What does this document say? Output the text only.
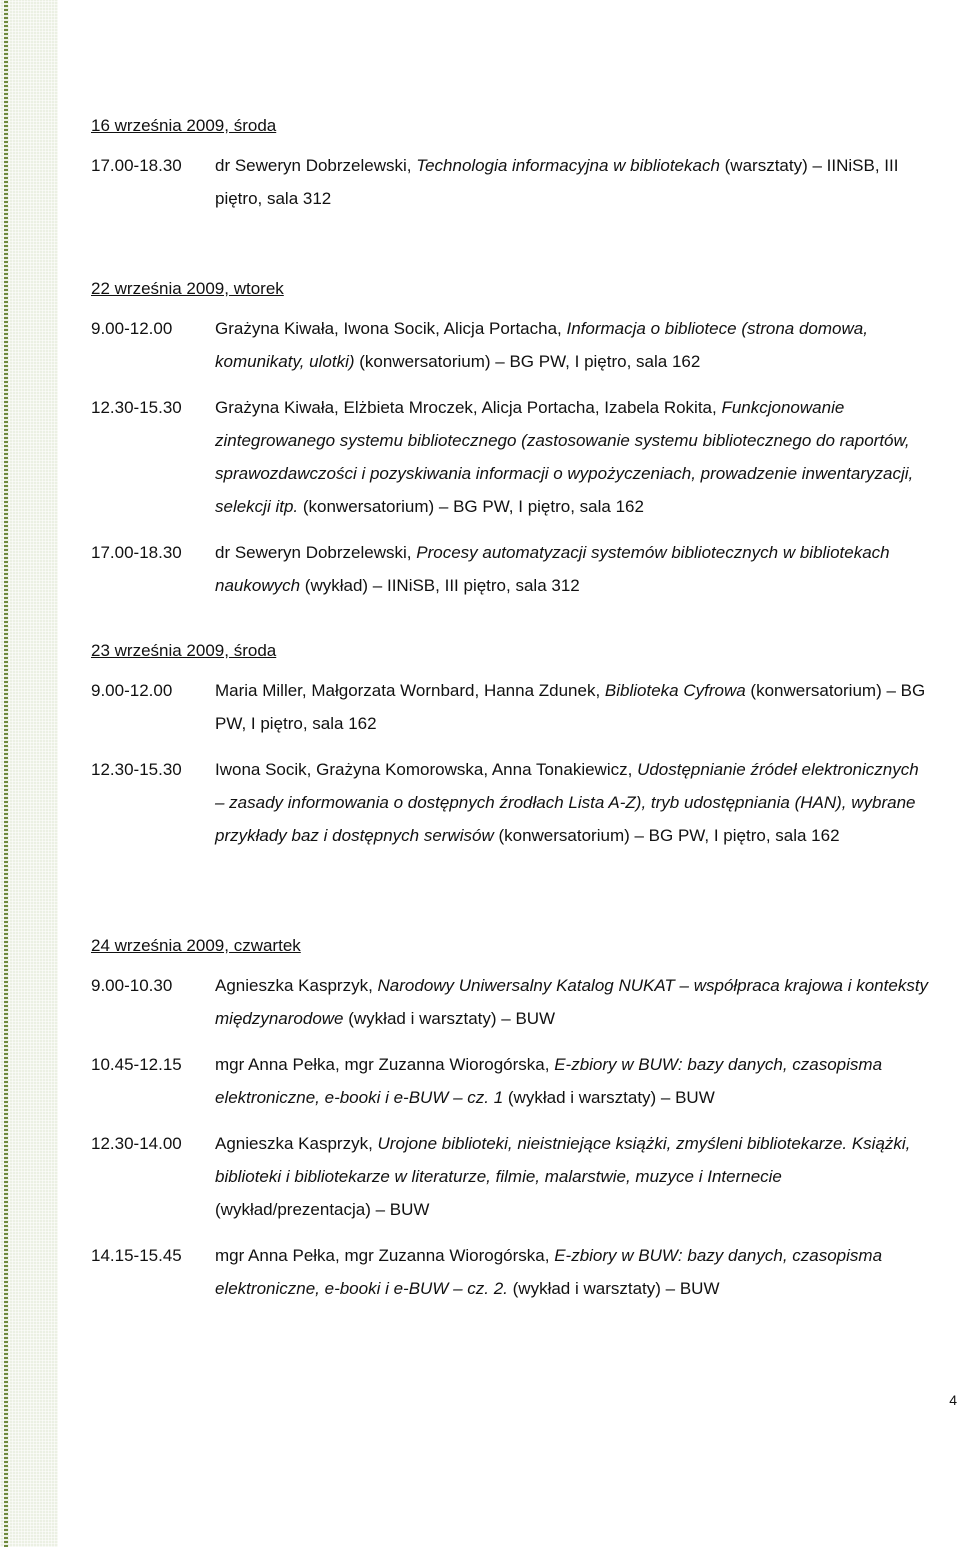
16 września 2009, środa
17.00-18.30 dr Seweryn Dobrzelewski, Technologia informacyjna w bibliotekach (warsztaty) – IINiSB, III piętro, sala 312

22 września 2009, wtorek
9.00-12.00	Grażyna Kiwała, Iwona Socik, Alicja Portacha, Informacja o bibliotece (strona domowa, komunikaty, ulotki) (konwersatorium) – BG PW, I piętro, sala 162

12.30-15.30 Grażyna Kiwała, Elżbieta Mroczek, Alicja Portacha, Izabela Rokita, Funkcjonowanie zintegrowanego systemu bibliotecznego (zastosowanie systemu bibliotecznego do raportów, sprawozdawczości i pozyskiwania informacji o wypożyczeniach, prowadzenie inwentaryzacji, selekcji itp. (konwersatorium) – BG PW, I piętro, sala 162

17.00-18.30 dr Seweryn Dobrzelewski, Procesy automatyzacji systemów bibliotecznych w bibliotekach naukowych (wykład) – IINiSB, III piętro, sala 312

23 września 2009, środa
9.00-12.00	Maria Miller, Małgorzata Wornbard, Hanna Zdunek, Biblioteka Cyfrowa (konwersatorium) – BG PW, I piętro, sala 162

12.30-15.30 Iwona Socik, Grażyna Komorowska, Anna Tonakiewicz, Udostępnianie źródeł elektronicznych – zasady informowania o dostępnych źrodłach Lista A-Z), tryb udostępniania (HAN), wybrane przykłady baz i dostępnych serwisów (konwersatorium) – BG PW, I piętro, sala 162

24 września 2009, czwartek
9.00-10.30	Agnieszka Kasprzyk, Narodowy Uniwersalny Katalog NUKAT – współpraca krajowa i konteksty międzynarodowe (wykład i warsztaty) – BUW

10.45-12.15 mgr Anna Pełka, mgr Zuzanna Wiorogórska, E-zbiory w BUW: bazy danych, czasopisma elektroniczne, e-booki i e-BUW – cz. 1 (wykład i warsztaty) – BUW

12.30-14.00 Agnieszka Kasprzyk, Urojone biblioteki, nieistniejące książki, zmyśleni bibliotekarze. Książki, biblioteki i bibliotekarze w literaturze, filmie, malarstwie, muzyce i Internecie (wykład/prezentacja) – BUW

14.15-15.45 mgr Anna Pełka, mgr Zuzanna Wiorogórska, E-zbiory w BUW: bazy danych, czasopisma elektroniczne, e-booki i e-BUW – cz. 2. (wykład i warsztaty) – BUW

4
